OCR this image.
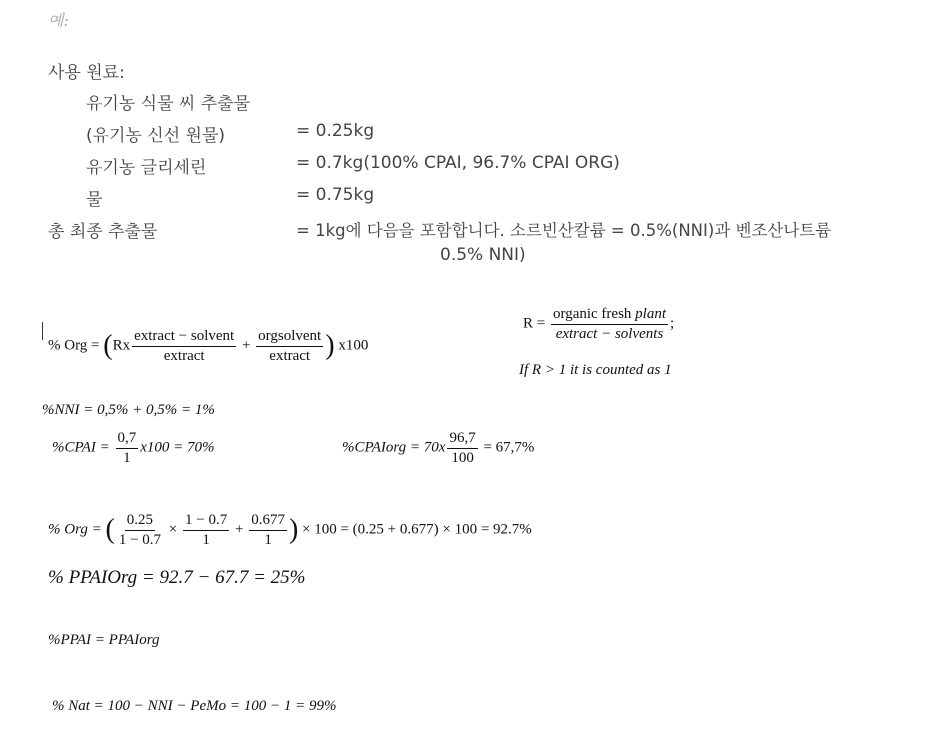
예:
사용 원료:
유기농 식물 씨 추출물
(유기농 신선 원물)	= 0.25kg
유기농 글리세린	= 0.7kg(100% CPAI, 96.7% CPAI ORG)
물	= 0.75kg
총 최종 추출물	= 1kg에 다음을 포함합니다. 소르빈산칼륨 = 0.5%(NNI)과 벤조산나트륨
0.5% NNI)
% Org = ($Rx \frac{\text{extract − solvent}}{\text{extract}} + \frac{\text{orgsolvent}}{\text{extract}}$ ) x100
$R = \frac{\text{organic fresh plant}}{\text{extract − solvents}}$ ;
If R > 1 it is counted as 1
%NNI = 0,5% + 0,5% = 1%
%CPAI = $\frac{0,7}{1} x100 = 70\%$	%CPAIorg = $70x \frac{96,7}{100} = 67,7\%$
% Org = ( $\frac{0.25}{1 - 0.7} \times \frac{1 - 0.7}{1} + \frac{0.677}{1}$ ) × 100 = (0.25 + 0.677) × 100 = 92.7%
% PPAIOrg = 92.7 − 67.7 = 25%
%PPAI = PPAIorg
% Nat = 100 − NNI − PeMo = 100 − 1 = 99%
